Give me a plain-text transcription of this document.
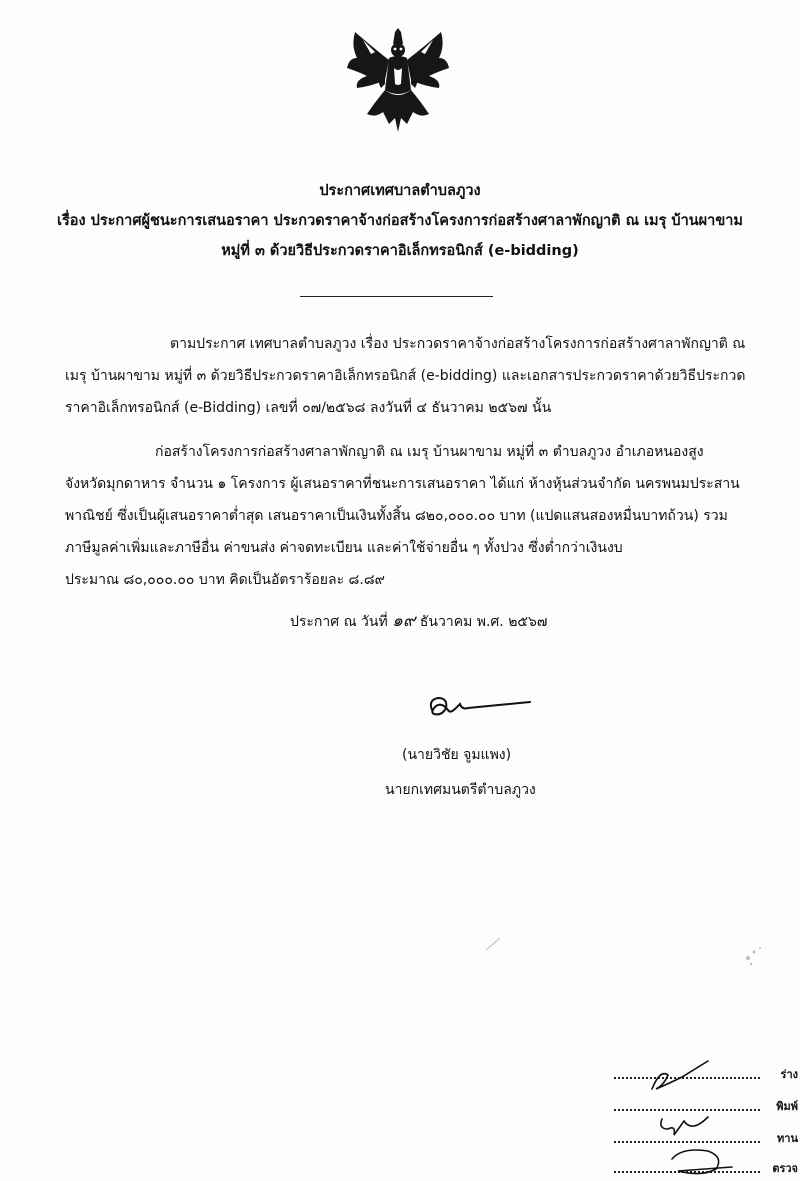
ประกาศเทศบาลตำบลภูวง
เรื่อง ประกาศผู้ชนะการเสนอราคา ประกวดราคาจ้างก่อสร้างโครงการก่อสร้างศาลาพักญาติ ณ เมรุ บ้านผาขาม
หมู่ที่ ๓ ด้วยวิธีประกวดราคาอิเล็กทรอนิกส์ (e-bidding)
ตามประกาศ เทศบาลตำบลภูวง เรื่อง ประกวดราคาจ้างก่อสร้างโครงการก่อสร้างศาลาพักญาติ ณ
เมรุ บ้านผาขาม หมู่ที่ ๓ ด้วยวิธีประกวดราคาอิเล็กทรอนิกส์ (e-bidding) และเอกสารประกวดราคาด้วยวิธีประกวด
ราคาอิเล็กทรอนิกส์ (e-Bidding) เลขที่ ๐๗/๒๕๖๘ ลงวันที่ ๔ ธันวาคม ๒๕๖๗ นั้น
ก่อสร้างโครงการก่อสร้างศาลาพักญาติ ณ เมรุ บ้านผาขาม หมู่ที่ ๓ ตำบลภูวง อำเภอหนองสูง
จังหวัดมุกดาหาร จำนวน ๑ โครงการ ผู้เสนอราคาที่ชนะการเสนอราคา ได้แก่ ห้างหุ้นส่วนจำกัด นครพนมประสาน
พาณิชย์ ซึ่งเป็นผู้เสนอราคาต่ำสุด เสนอราคาเป็นเงินทั้งสิ้น ๘๒๐,๐๐๐.๐๐ บาท (แปดแสนสองหมื่นบาทถ้วน) รวม
ภาษีมูลค่าเพิ่มและภาษีอื่น ค่าขนส่ง ค่าจดทะเบียน และค่าใช้จ่ายอื่น ๆ ทั้งปวง ซึ่งต่ำกว่าเงินงบ
ประมาณ ๘๐,๐๐๐.๐๐ บาท คิดเป็นอัตราร้อยละ ๘.๘๙
ประกาศ ณ วันที่ ๑๙ ธันวาคม พ.ศ. ๒๕๖๗
(นายวิชัย จูมแพง)
นายกเทศมนตรีตำบลภูวง
ร่าง
พิมพ์
ทาน
ตรวจ
